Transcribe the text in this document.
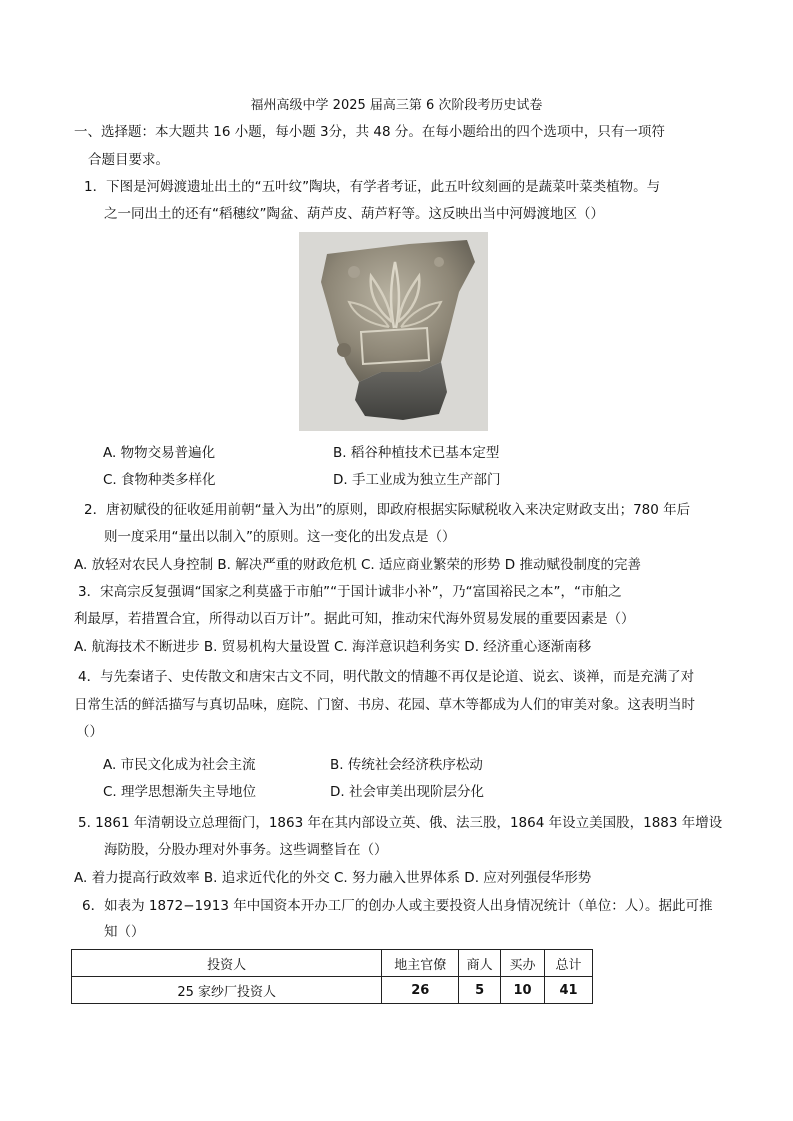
福州高级中学 2025 届高三第 6 次阶段考历史试卷
一、选择题：本大题共 16 小题，每小题 3分，共 48 分。在每小题给出的四个选项中，只有一项符
合题目要求。
1．下图是河姆渡遗址出土的“五叶纹”陶块，有学者考证，此五叶纹刻画的是蔬菜叶菜类植物。与
之一同出土的还有“稻穗纹”陶盆、葫芦皮、葫芦籽等。这反映出当中河姆渡地区（）
A. 物物交易普遍化	B. 稻谷种植技术已基本定型
C. 食物种类多样化	D. 手工业成为独立生产部门
2．唐初赋役的征收延用前朝“量入为出”的原则，即政府根据实际赋税收入来决定财政支出；780 年后
则一度采用“量出以制入”的原则。这一变化的出发点是（）
A. 放轻对农民人身控制 B. 解决严重的财政危机 C. 适应商业繁荣的形势 D 推动赋役制度的完善
3．宋高宗反复强调“国家之利莫盛于市舶”“于国计诚非小补”，乃“富国裕民之本”，“市舶之
利最厚，若措置合宜，所得动以百万计”。据此可知，推动宋代海外贸易发展的重要因素是（）
A. 航海技术不断进步 B. 贸易机构大量设置 C. 海洋意识趋利务实 D. 经济重心逐渐南移
4．与先秦诸子、史传散文和唐宋古文不同，明代散文的情趣不再仅是论道、说玄、谈禅，而是充满了对
日常生活的鲜活描写与真切品味，庭院、门窗、书房、花园、草木等都成为人们的审美对象。这表明当时
（）
A. 市民文化成为社会主流	B. 传统社会经济秩序松动
C. 理学思想渐失主导地位	D. 社会审美出现阶层分化
5. 1861 年清朝设立总理衙门，1863 年在其内部设立英、俄、法三股，1864 年设立美国股，1883 年增设
海防股，分股办理对外事务。这些调整旨在（）
A. 着力提高行政效率 B. 追求近代化的外交 C. 努力融入世界体系 D. 应对列强侵华形势
6．如表为 1872−1913 年中国资本开办工厂的创办人或主要投资人出身情况统计（单位：人）。据此可推
知（）
投资人	地主官僚	商人	买办	总计
25 家纱厂投资人	26	5	10	41
